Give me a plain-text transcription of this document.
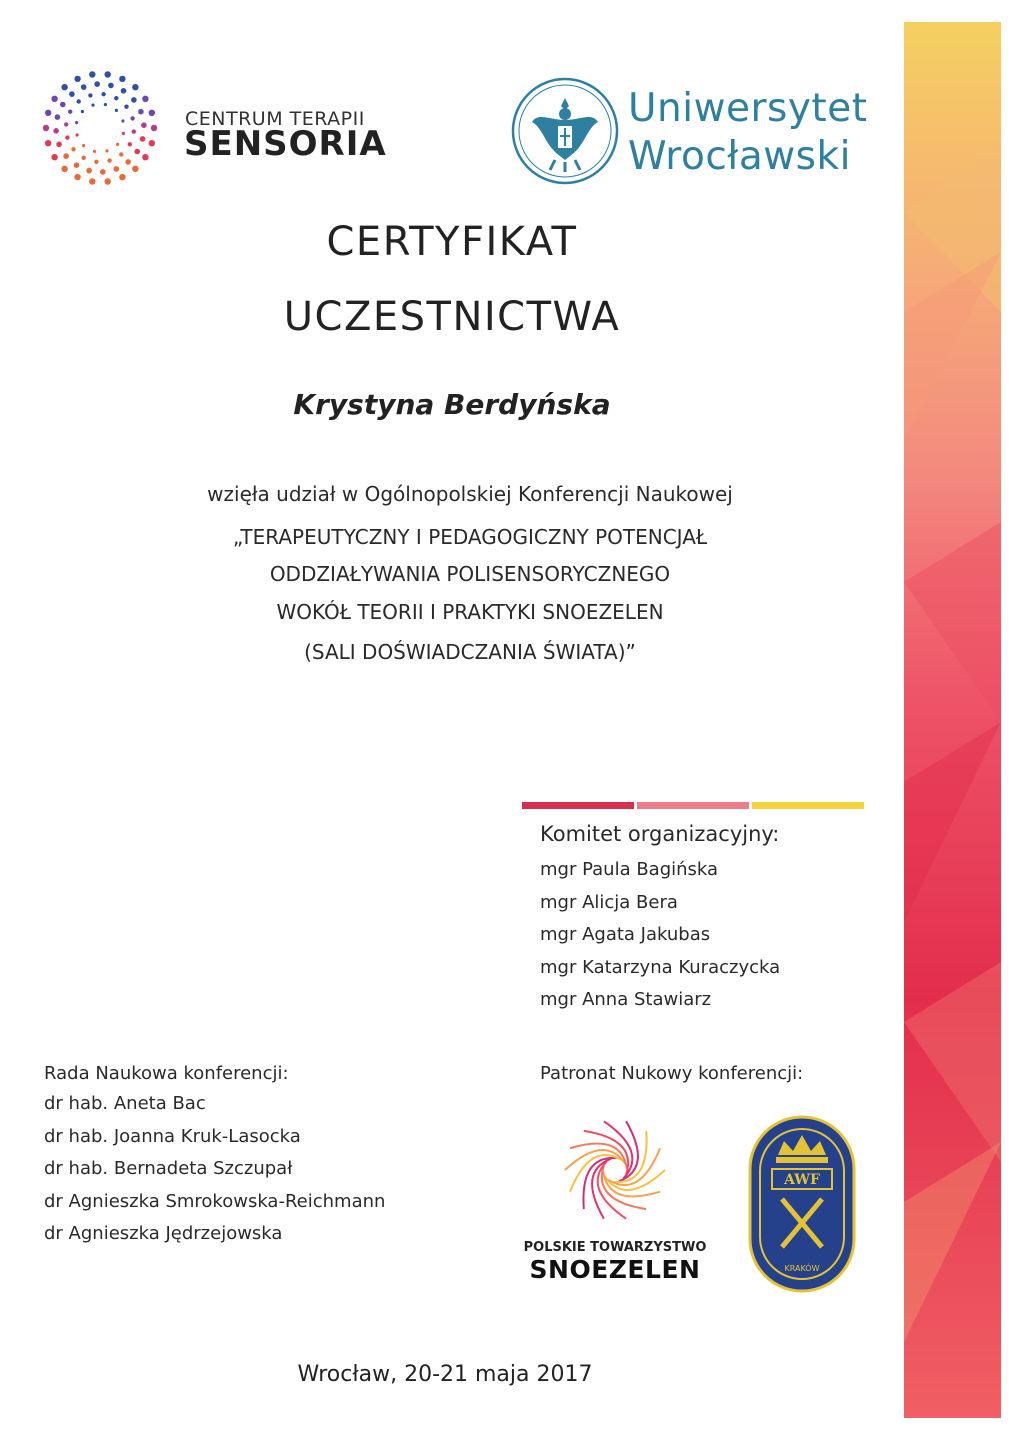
CENTRUM TERAPII
SENSORIA
Uniwersytet
Wrocławski
CERTYFIKAT
UCZESTNICTWA
Krystyna Berdyńska
wzięła udział w Ogólnopolskiej Konferencji Naukowej
„TERAPEUTYCZNY I PEDAGOGICZNY POTENCJAŁ
ODDZIAŁYWANIA POLISENSORYCZNEGO
WOKÓŁ TEORII I PRAKTYKI SNOEZELEN
(SALI DOŚWIADCZANIA ŚWIATA)”
Komitet organizacyjny:
mgr Paula Bagińska
mgr Alicja Bera
mgr Agata Jakubas
mgr Katarzyna Kuraczycka
mgr Anna Stawiarz
Rada Naukowa konferencji:
dr hab. Aneta Bac
dr hab. Joanna Kruk-Lasocka
dr hab. Bernadeta Szczupał
dr Agnieszka Smrokowska-Reichmann
dr Agnieszka Jędrzejowska
Patronat Nukowy konferencji:
POLSKIE TOWARZYSTWO
SNOEZELEN
AWF
KRAKÓW
Wrocław, 20-21 maja 2017
